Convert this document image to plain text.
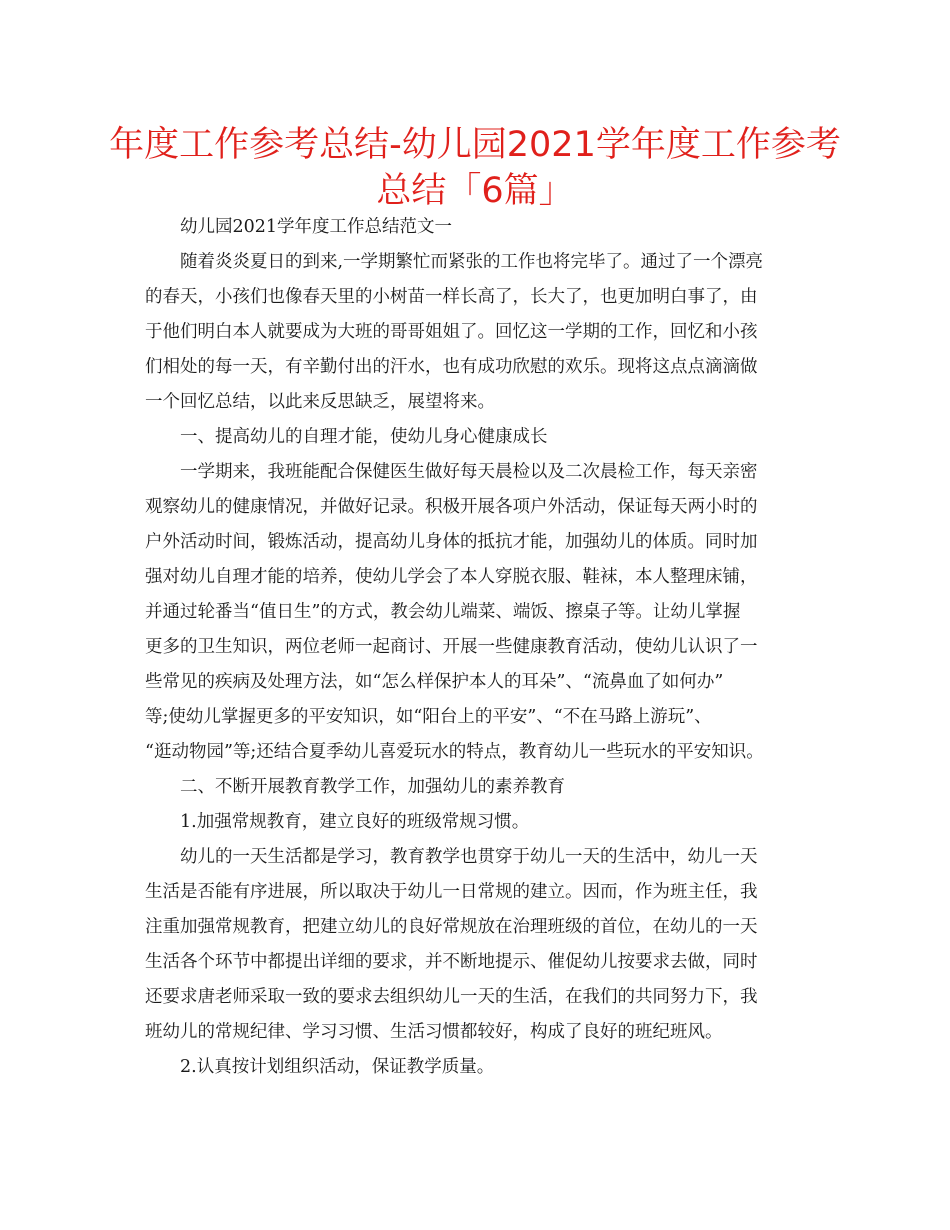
年度工作参考总结-幼儿园2021学年度工作参考
总结「6篇」
幼儿园2021学年度工作总结范文一
随着炎炎夏日的到来,一学期繁忙而紧张的工作也将完毕了。通过了一个漂亮
的春天，小孩们也像春天里的小树苗一样长高了，长大了，也更加明白事了，由
于他们明白本人就要成为大班的哥哥姐姐了。回忆这一学期的工作，回忆和小孩
们相处的每一天，有辛勤付出的汗水，也有成功欣慰的欢乐。现将这点点滴滴做
一个回忆总结，以此来反思缺乏，展望将来。
一、提高幼儿的自理才能，使幼儿身心健康成长
一学期来，我班能配合保健医生做好每天晨检以及二次晨检工作，每天亲密
观察幼儿的健康情况，并做好记录。积极开展各项户外活动，保证每天两小时的
户外活动时间，锻炼活动，提高幼儿身体的抵抗才能，加强幼儿的体质。同时加
强对幼儿自理才能的培养，使幼儿学会了本人穿脱衣服、鞋袜，本人整理床铺，
并通过轮番当“值日生”的方式，教会幼儿端菜、端饭、擦桌子等。让幼儿掌握
更多的卫生知识，两位老师一起商讨、开展一些健康教育活动，使幼儿认识了一
些常见的疾病及处理方法，如“怎么样保护本人的耳朵”、“流鼻血了如何办”
等;使幼儿掌握更多的平安知识，如“阳台上的平安”、“不在马路上游玩”、
“逛动物园”等;还结合夏季幼儿喜爱玩水的特点，教育幼儿一些玩水的平安知识。
二、不断开展教育教学工作，加强幼儿的素养教育
1.加强常规教育，建立良好的班级常规习惯。
幼儿的一天生活都是学习，教育教学也贯穿于幼儿一天的生活中，幼儿一天
生活是否能有序进展，所以取决于幼儿一日常规的建立。因而，作为班主任，我
注重加强常规教育，把建立幼儿的良好常规放在治理班级的首位，在幼儿的一天
生活各个环节中都提出详细的要求，并不断地提示、催促幼儿按要求去做，同时
还要求唐老师采取一致的要求去组织幼儿一天的生活，在我们的共同努力下，我
班幼儿的常规纪律、学习习惯、生活习惯都较好，构成了良好的班纪班风。
2.认真按计划组织活动，保证教学质量。
